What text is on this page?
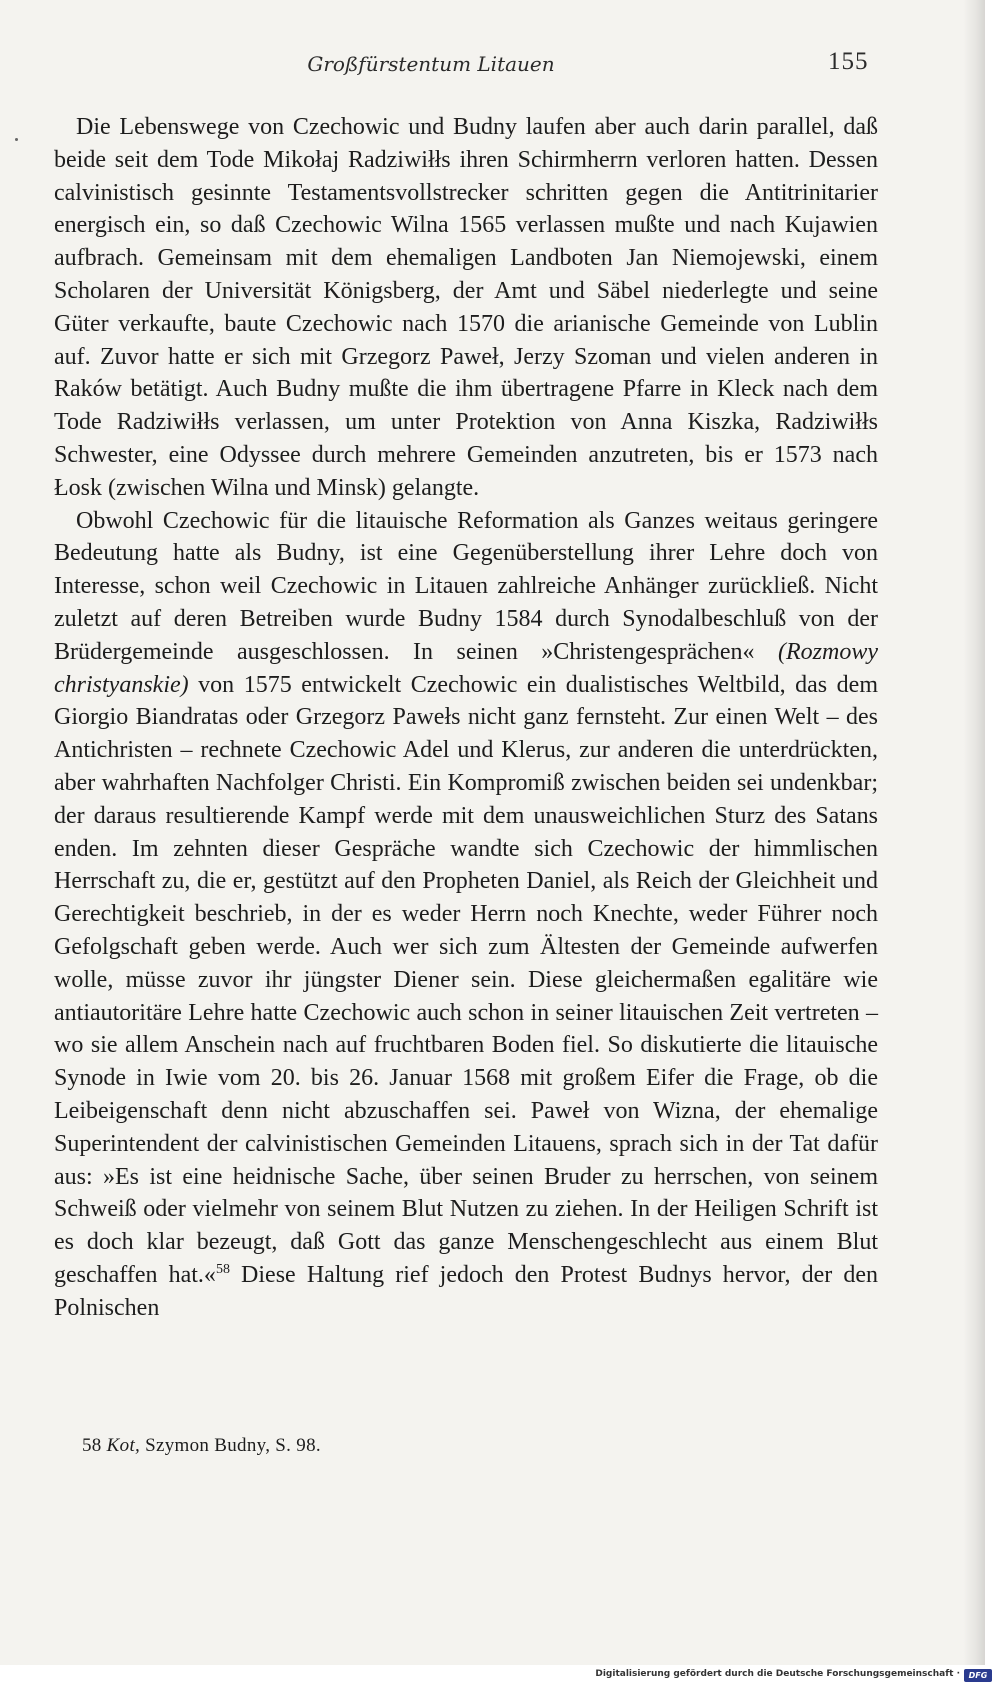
Großfürstentum Litauen	155

Die Lebenswege von Czechowic und Budny laufen aber auch darin parallel, daß beide seit dem Tode Mikołaj Radziwiłłs ihren Schirmherrn verloren hatten. Dessen calvinistisch gesinnte Testamentsvollstrecker schritten gegen die Antitrinitarier energisch ein, so daß Czechowic Wilna 1565 verlassen mußte und nach Kujawien aufbrach. Gemeinsam mit dem ehemaligen Landboten Jan Niemojewski, einem Scholaren der Universität Königsberg, der Amt und Säbel niederlegte und seine Güter verkaufte, baute Czechowic nach 1570 die arianische Gemeinde von Lublin auf. Zuvor hatte er sich mit Grzegorz Paweł, Jerzy Szoman und vielen anderen in Raków betätigt. Auch Budny mußte die ihm übertragene Pfarre in Kleck nach dem Tode Radziwiłłs verlassen, um unter Protektion von Anna Kiszka, Radziwiłłs Schwester, eine Odyssee durch mehrere Gemeinden anzutreten, bis er 1573 nach Łosk (zwischen Wilna und Minsk) gelangte.

Obwohl Czechowic für die litauische Reformation als Ganzes weitaus geringere Bedeutung hatte als Budny, ist eine Gegenüberstellung ihrer Lehre doch von Interesse, schon weil Czechowic in Litauen zahlreiche Anhänger zurückließ. Nicht zuletzt auf deren Betreiben wurde Budny 1584 durch Synodalbeschluß von der Brüdergemeinde ausgeschlossen. In seinen »Christengesprächen« (Rozmowy christyanskie) von 1575 entwickelt Czechowic ein dualistisches Weltbild, das dem Giorgio Biandratas oder Grzegorz Pawełs nicht ganz fernsteht. Zur einen Welt – des Antichristen – rechnete Czechowic Adel und Klerus, zur anderen die unterdrückten, aber wahrhaften Nachfolger Christi. Ein Kompromiß zwischen beiden sei undenkbar; der daraus resultierende Kampf werde mit dem unausweichlichen Sturz des Satans enden. Im zehnten dieser Gespräche wandte sich Czechowic der himmlischen Herrschaft zu, die er, gestützt auf den Propheten Daniel, als Reich der Gleichheit und Gerechtigkeit beschrieb, in der es weder Herrn noch Knechte, weder Führer noch Gefolgschaft geben werde. Auch wer sich zum Ältesten der Gemeinde aufwerfen wolle, müsse zuvor ihr jüngster Diener sein. Diese gleichermaßen egalitäre wie antiautoritäre Lehre hatte Czechowic auch schon in seiner litauischen Zeit vertreten – wo sie allem Anschein nach auf fruchtbaren Boden fiel. So diskutierte die litauische Synode in Iwie vom 20. bis 26. Januar 1568 mit großem Eifer die Frage, ob die Leibeigenschaft denn nicht abzuschaffen sei. Paweł von Wizna, der ehemalige Superintendent der calvinistischen Gemeinden Litauens, sprach sich in der Tat dafür aus: »Es ist eine heidnische Sache, über seinen Bruder zu herrschen, von seinem Schweiß oder vielmehr von seinem Blut Nutzen zu ziehen. In der Heiligen Schrift ist es doch klar bezeugt, daß Gott das ganze Menschengeschlecht aus einem Blut geschaffen hat.«$^{58}$ Diese Haltung rief jedoch den Protest Budnys hervor, der den Polnischen

58 Kot, Szymon Budny, S. 98.
Digitalisierung gefördert durch die Deutsche Forschungsgemeinschaft ·	DFG
